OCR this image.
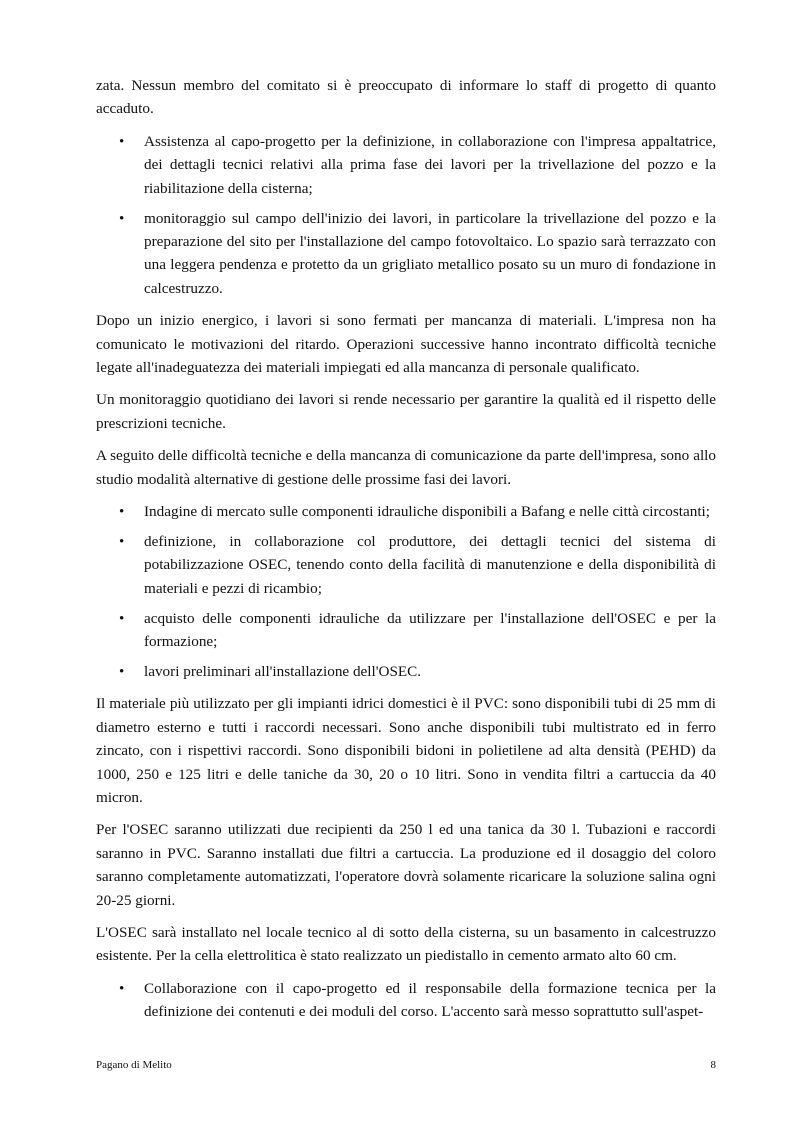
zata. Nessun membro del comitato si è preoccupato di informare lo staff di progetto di quanto accaduto.

• Assistenza al capo-progetto per la definizione, in collaborazione con l'impresa appaltatrice, dei dettagli tecnici relativi alla prima fase dei lavori per la trivellazione del pozzo e la riabilitazione della cisterna;
• monitoraggio sul campo dell'inizio dei lavori, in particolare la trivellazione del pozzo e la preparazione del sito per l'installazione del campo fotovoltaico. Lo spazio sarà terrazzato con una leggera pendenza e protetto da un grigliato metallico posato su un muro di fondazione in calcestruzzo.

Dopo un inizio energico, i lavori si sono fermati per mancanza di materiali. L'impresa non ha comunicato le motivazioni del ritardo. Operazioni successive hanno incontrato difficoltà tecniche legate all'inadeguatezza dei materiali impiegati ed alla mancanza di personale qualificato.

Un monitoraggio quotidiano dei lavori si rende necessario per garantire la qualità ed il rispetto delle prescrizioni tecniche.

A seguito delle difficoltà tecniche e della mancanza di comunicazione da parte dell'impresa, sono allo studio modalità alternative di gestione delle prossime fasi dei lavori.

• Indagine di mercato sulle componenti idrauliche disponibili a Bafang e nelle città circostanti;
• definizione, in collaborazione col produttore, dei dettagli tecnici del sistema di potabilizzazione OSEC, tenendo conto della facilità di manutenzione e della disponibilità di materiali e pezzi di ricambio;
• acquisto delle componenti idrauliche da utilizzare per l'installazione dell'OSEC e per la formazione;
• lavori preliminari all'installazione dell'OSEC.

Il materiale più utilizzato per gli impianti idrici domestici è il PVC: sono disponibili tubi di 25 mm di diametro esterno e tutti i raccordi necessari. Sono anche disponibili tubi multistrato ed in ferro zincato, con i rispettivi raccordi. Sono disponibili bidoni in polietilene ad alta densità (PEHD) da 1000, 250 e 125 litri e delle taniche da 30, 20 o 10 litri. Sono in vendita filtri a cartuccia da 40 micron.

Per l'OSEC saranno utilizzati due recipienti da 250 l ed una tanica da 30 l. Tubazioni e raccordi saranno in PVC. Saranno installati due filtri a cartuccia. La produzione ed il dosaggio del coloro saranno completamente automatizzati, l'operatore dovrà solamente ricaricare la soluzione salina ogni 20-25 giorni.

L'OSEC sarà installato nel locale tecnico al di sotto della cisterna, su un basamento in calcestruzzo esistente. Per la cella elettrolitica è stato realizzato un piedistallo in cemento armato alto 60 cm.

• Collaborazione con il capo-progetto ed il responsabile della formazione tecnica per la definizione dei contenuti e dei moduli del corso. L'accento sarà messo soprattutto sull'aspet-
Pagano di Melito	8
